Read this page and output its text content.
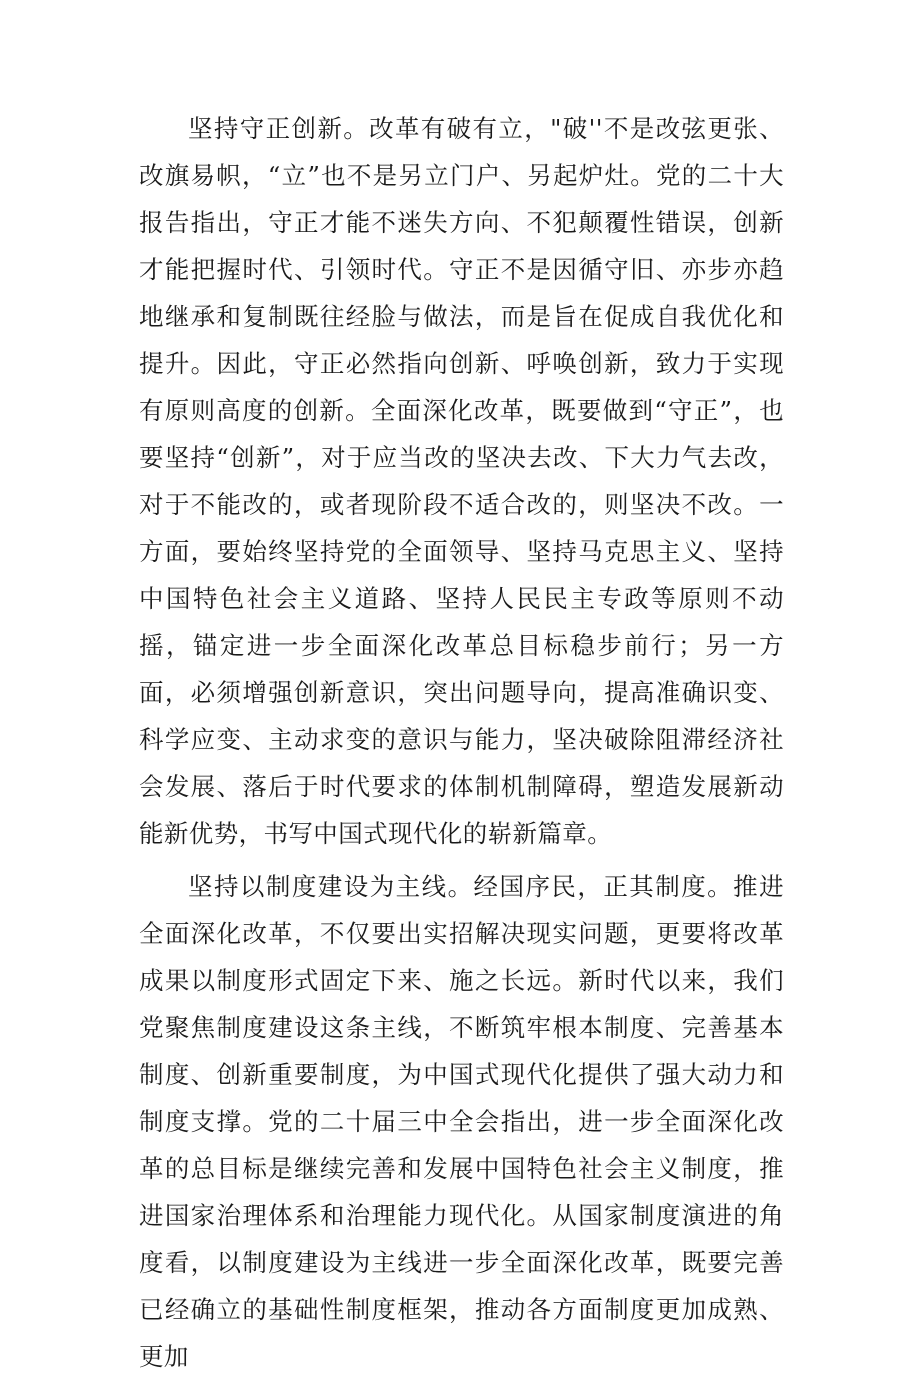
坚持守正创新。改革有破有立，"破''不是改弦更张、改旗易帜，“立”也不是另立门户、另起炉灶。党的二十大报告指出，守正才能不迷失方向、不犯颠覆性错误，创新才能把握时代、引领时代。守正不是因循守旧、亦步亦趋地继承和复制既往经脸与做法，而是旨在促成自我优化和提升。因此，守正必然指向创新、呼唤创新，致力于实现有原则高度的创新。全面深化改革，既要做到“守正”，也要坚持“创新”，对于应当改的坚决去改、下大力气去改，对于不能改的，或者现阶段不适合改的，则坚决不改。一方面，要始终坚持党的全面领导、坚持马克思主义、坚持中国特色社会主义道路、坚持人民民主专政等原则不动摇，锚定进一步全面深化改革总目标稳步前行；另一方面，必须增强创新意识，突出问题导向，提高准确识变、科学应变、主动求变的意识与能力，坚决破除阻滞经济社会发展、落后于时代要求的体制机制障碍，塑造发展新动能新优势，书写中国式现代化的崭新篇章。

坚持以制度建设为主线。经国序民，正其制度。推进全面深化改革，不仅要出实招解决现实问题，更要将改革成果以制度形式固定下来、施之长远。新时代以来，我们党聚焦制度建设这条主线，不断筑牢根本制度、完善基本制度、创新重要制度，为中国式现代化提供了强大动力和制度支撑。党的二十届三中全会指出，进一步全面深化改革的总目标是继续完善和发展中国特色社会主义制度，推进国家治理体系和治理能力现代化。从国家制度演进的角度看，以制度建设为主线进一步全面深化改革，既要完善已经确立的基础性制度框架，推动各方面制度更加成熟、更加
